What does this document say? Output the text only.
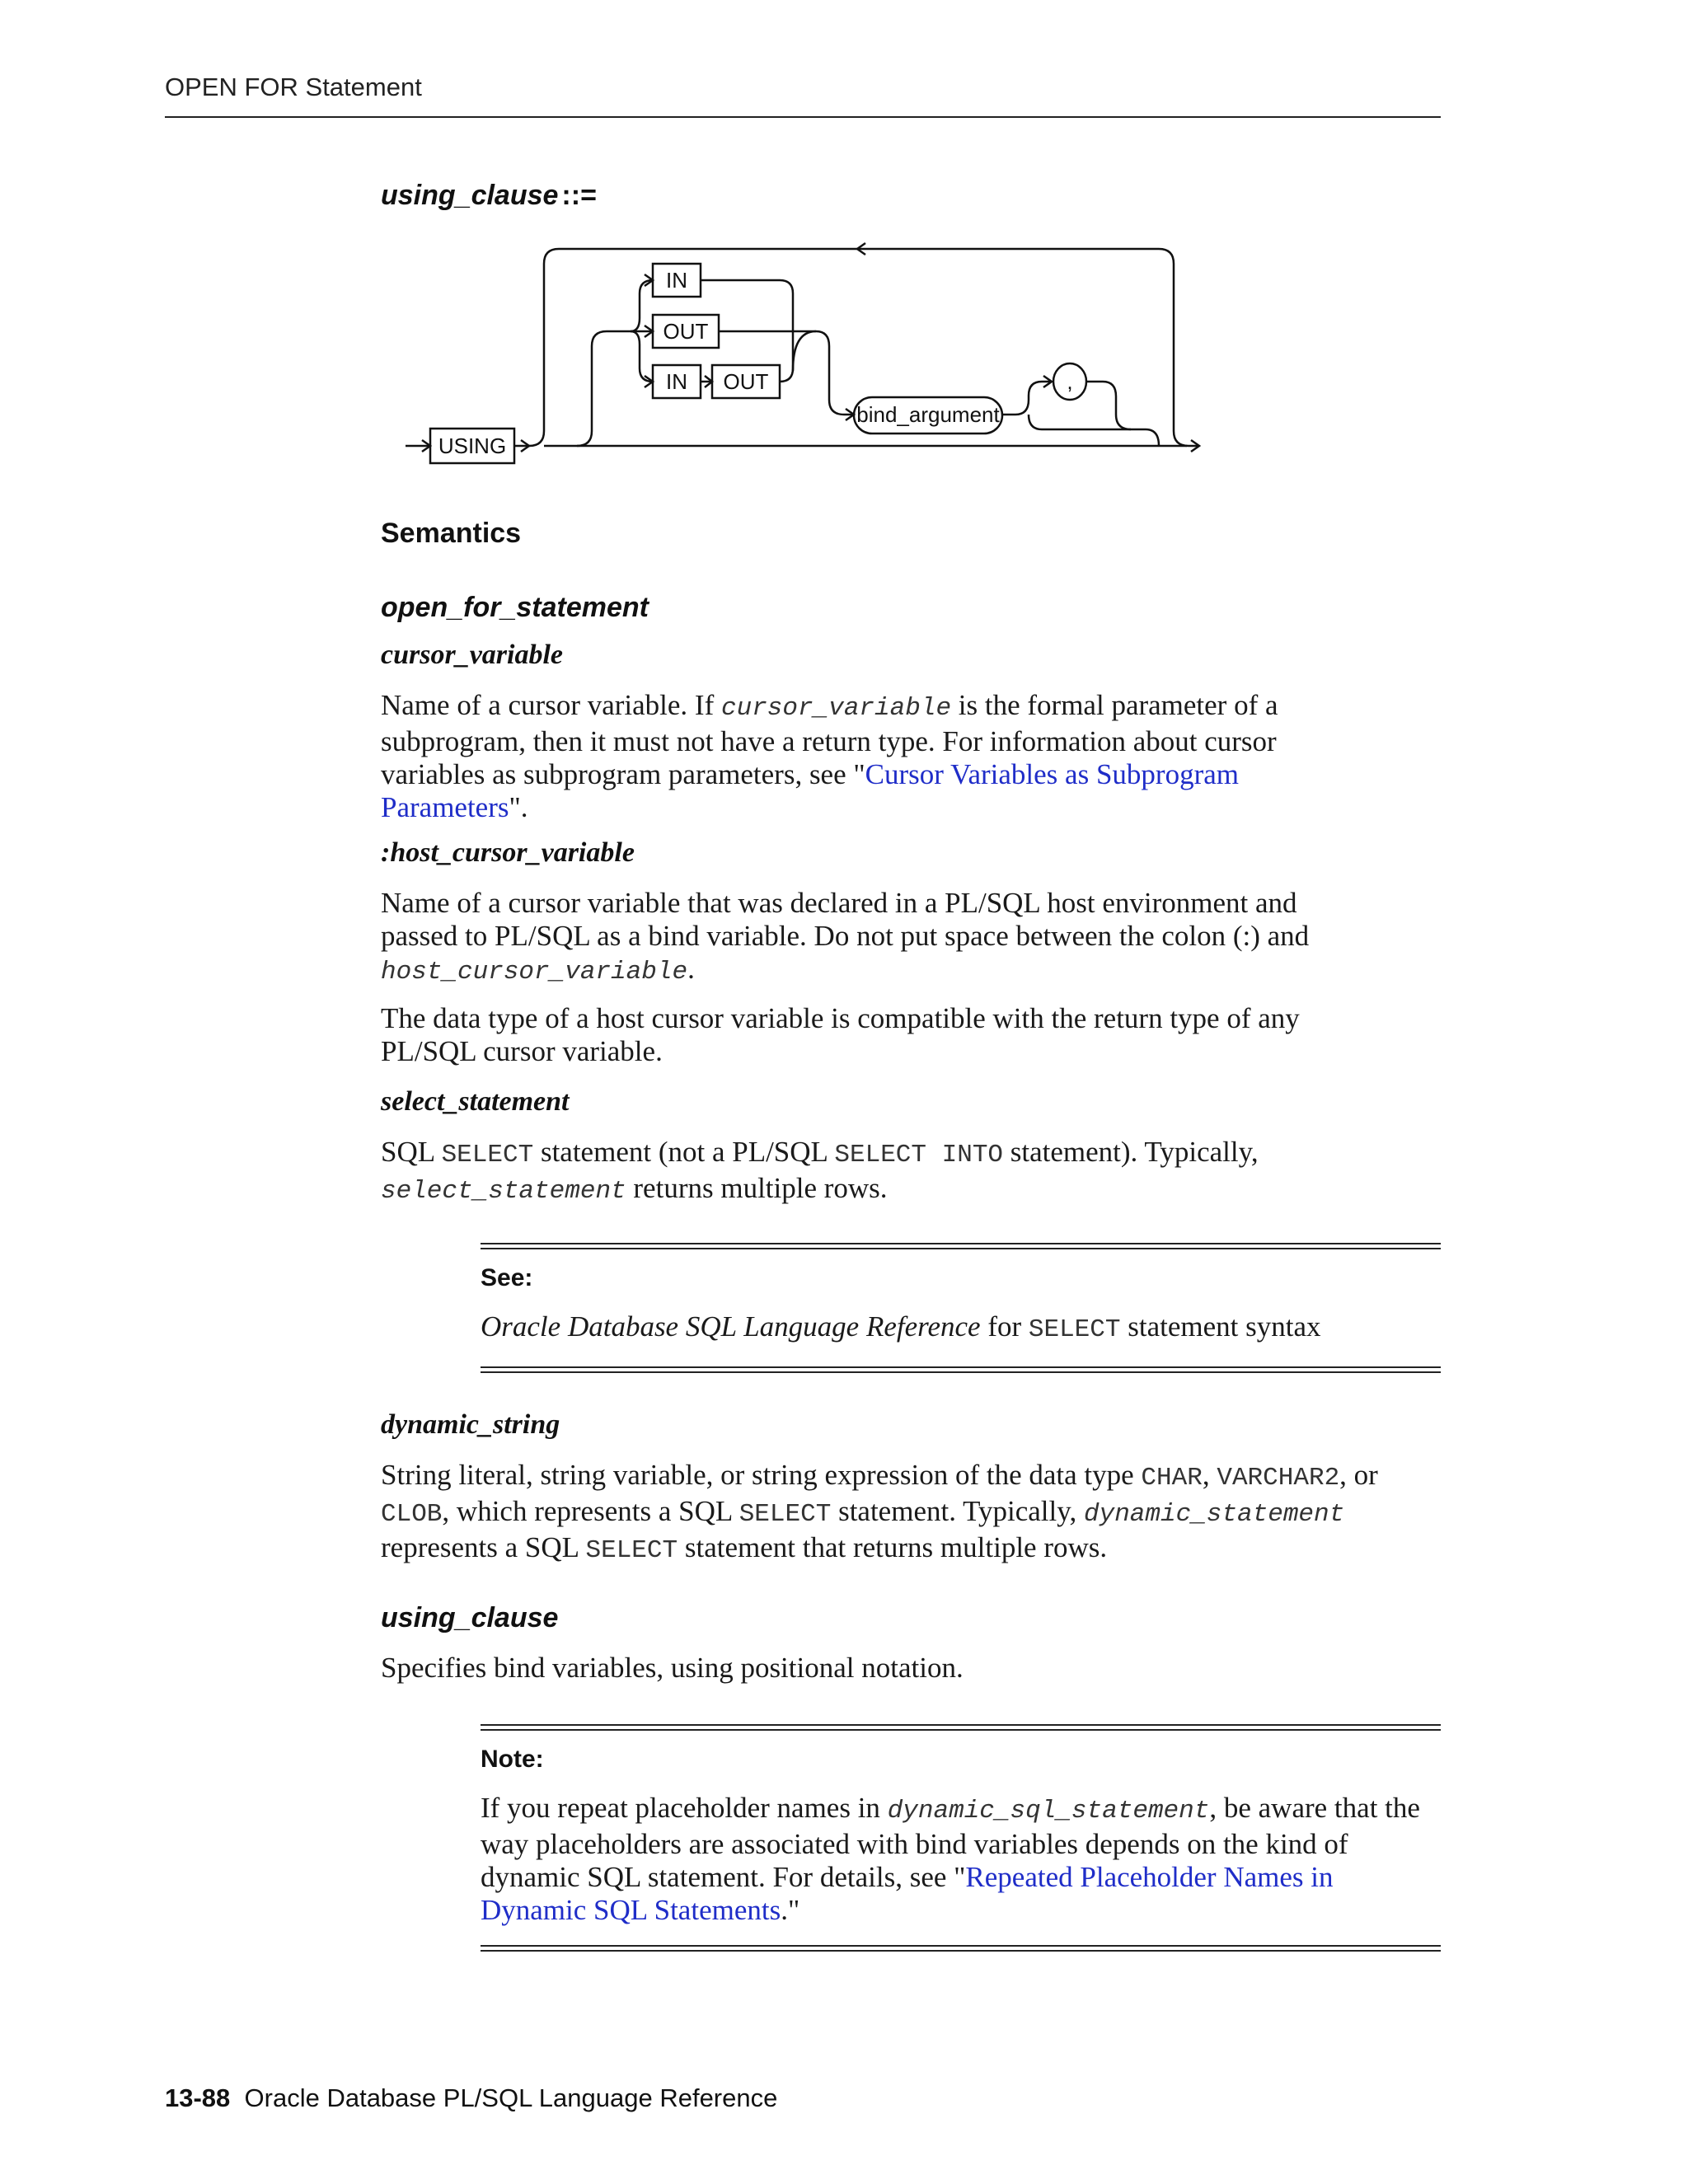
OPEN FOR Statement
using_clause ::=
IN
OUT
IN OUT
USING
bind_argument
,
Semantics
open_for_statement
cursor_variable
Name of a cursor variable. If cursor_variable is the formal parameter of a subprogram, then it must not have a return type. For information about cursor variables as subprogram parameters, see "Cursor Variables as Subprogram Parameters".
:host_cursor_variable
Name of a cursor variable that was declared in a PL/SQL host environment and passed to PL/SQL as a bind variable. Do not put space between the colon (:) and host_cursor_variable.
The data type of a host cursor variable is compatible with the return type of any PL/SQL cursor variable.
select_statement
SQL SELECT statement (not a PL/SQL SELECT INTO statement). Typically, select_statement returns multiple rows.
See:
Oracle Database SQL Language Reference for SELECT statement syntax
dynamic_string
String literal, string variable, or string expression of the data type CHAR, VARCHAR2, or CLOB, which represents a SQL SELECT statement. Typically, dynamic_statement represents a SQL SELECT statement that returns multiple rows.
using_clause
Specifies bind variables, using positional notation.
Note:
If you repeat placeholder names in dynamic_sql_statement, be aware that the way placeholders are associated with bind variables depends on the kind of dynamic SQL statement. For details, see "Repeated Placeholder Names in Dynamic SQL Statements."
13-88 Oracle Database PL/SQL Language Reference
